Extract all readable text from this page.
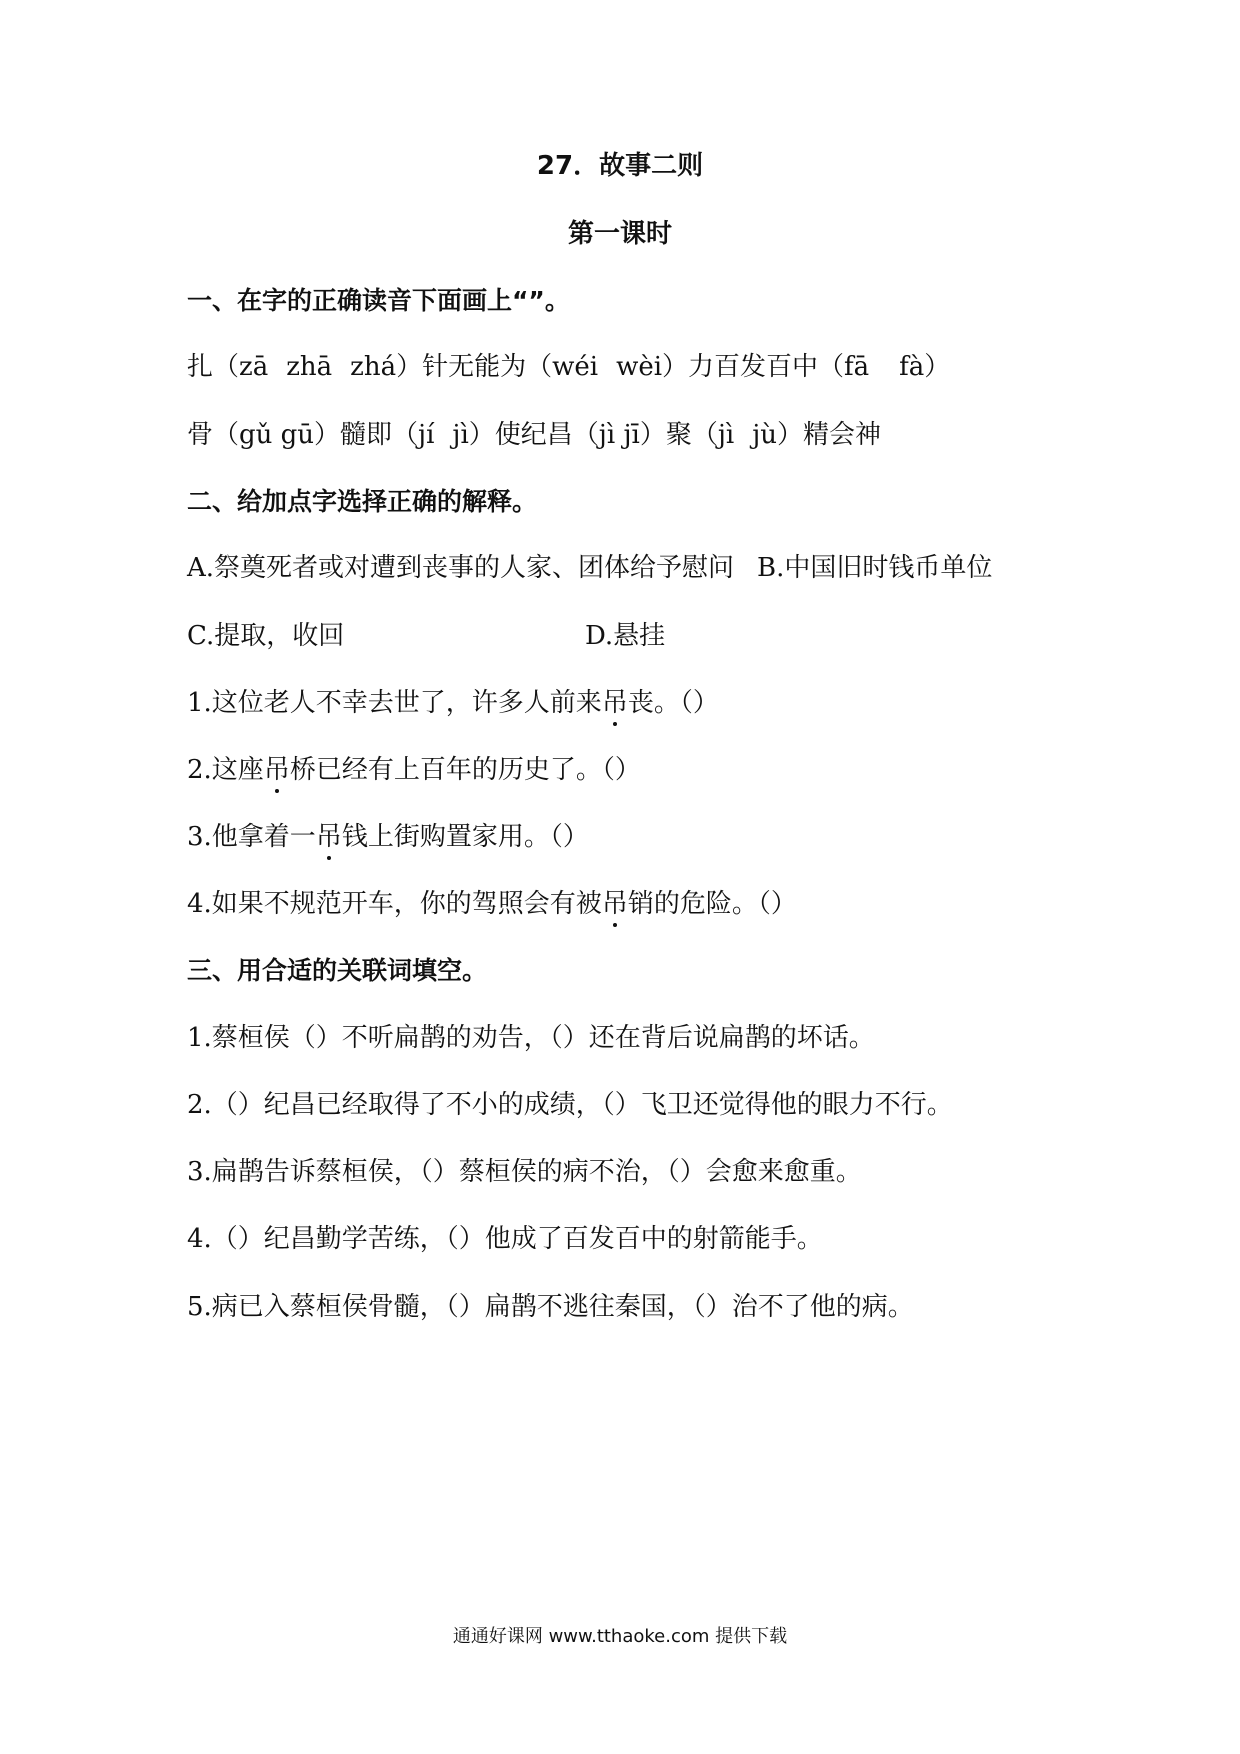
27．故事二则
第一课时
一、在字的正确读音下面画上“”。
扎（zā zhā zhá）针无能为（wéi wèi）力百发百中（fā fà）
骨（gǔ gū）髓即（jí jì）使纪昌（jì jī）聚（jì jù）精会神
二、给加点字选择正确的解释。
A.祭奠死者或对遭到丧事的人家、团体给予慰问 B.中国旧时钱币单位
C.提取，收回	D.悬挂
1.这位老人不幸去世了，许多人前来吊丧。（）
2.这座吊桥已经有上百年的历史了。（）
3.他拿着一吊钱上街购置家用。（）
4.如果不规范开车，你的驾照会有被吊销的危险。（）
三、用合适的关联词填空。
1.蔡桓侯（）不听扁鹊的劝告，（）还在背后说扁鹊的坏话。
2.（）纪昌已经取得了不小的成绩，（）飞卫还觉得他的眼力不行。
3.扁鹊告诉蔡桓侯，（）蔡桓侯的病不治，（）会愈来愈重。
4.（）纪昌勤学苦练，（）他成了百发百中的射箭能手。
5.病已入蔡桓侯骨髓，（）扁鹊不逃往秦国，（）治不了他的病。
通通好课网 www.tthaoke.com 提供下载
